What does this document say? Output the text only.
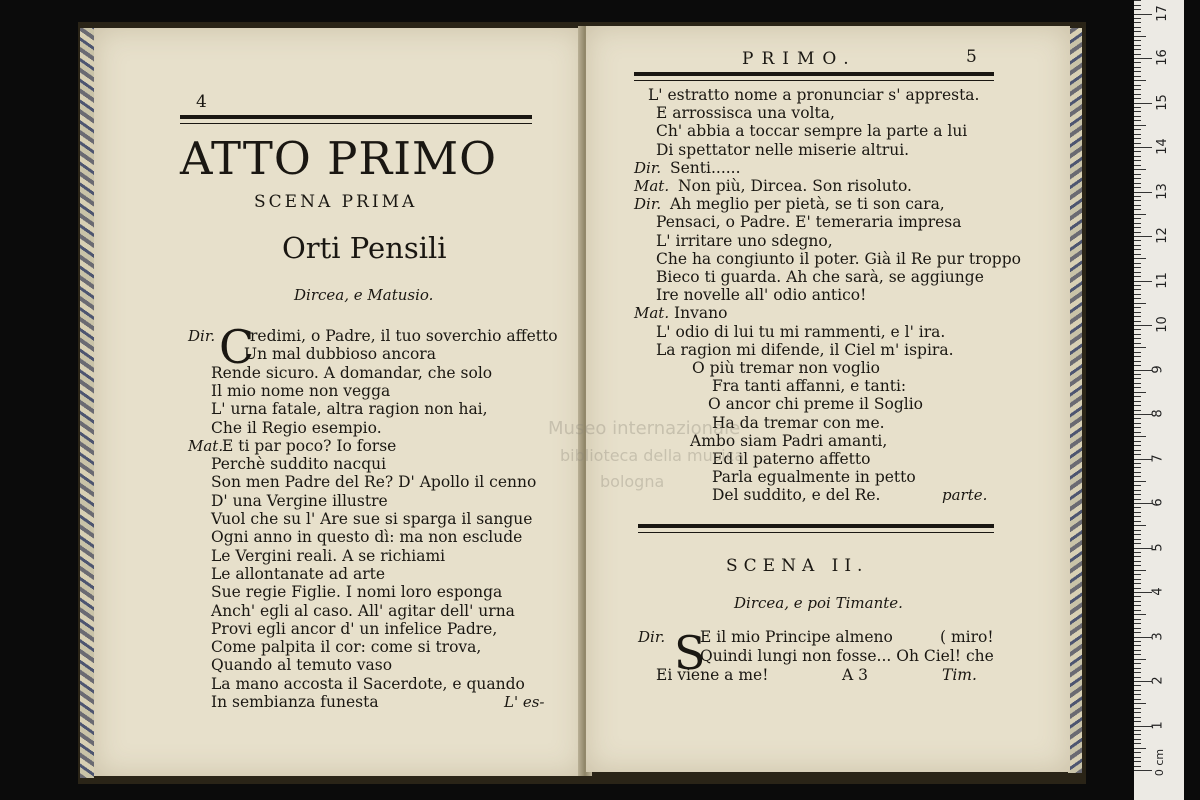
4
ATTO PRIMO
SCENA PRIMA
Orti Pensili
Dircea, e Matusio.
C
Dir. redimi, o Padre, il tuo soverchio affetto
Un mal dubbioso ancora
Rende sicuro. A domandar, che solo
Il mio nome non vegga
L' urna fatale, altra ragion non hai,
Che il Regio esempio.
Mat.
E ti par poco? Io forse
Perchè suddito nacqui
Son men Padre del Re? D' Apollo il cenno
D' una Vergine illustre
Vuol che su l' Are sue si sparga il sangue
Ogni anno in questo dì: ma non esclude
Le Vergini reali. A se richiami
Le allontanate ad arte
Sue regie Figlie. I nomi loro esponga
Anch' egli al caso. All' agitar dell' urna
Provi egli ancor d' un infelice Padre,
Come palpita il cor: come si trova,
Quando al temuto vaso
La mano accosta il Sacerdote, e quando
In sembianza funesta	L' es-
PRIMO.	5
L' estratto nome a pronunciar s' appresta.
E arrossisca una volta,
Ch' abbia a toccar sempre la parte a lui
Di spettator nelle miserie altrui.
Dir. Senti......
Mat. Non più, Dircea. Son risoluto.
Dir. Ah meglio per pietà, se ti son cara,
Pensaci, o Padre. E' temeraria impresa
L' irritare uno sdegno,
Che ha congiunto il poter. Già il Re pur troppo
Bieco ti guarda. Ah che sarà, se aggiunge
Ire novelle all' odio antico!
Mat. Invano
L' odio di lui tu mi rammenti, e l' ira.
La ragion mi difende, il Ciel m' ispira.
O più tremar non voglio
Fra tanti affanni, e tanti:
O ancor chi preme il Soglio
Ha da tremar con me.
Ambo siam Padri amanti,
Ed il paterno affetto
Parla egualmente in petto
Del suddito, e del Re.	parte.
SCENA II.
Dircea, e poi Timante.
S
Dir. E il mio Principe almeno
Quindi lungi non fosse... Oh Ciel! che
Ei viene a me!
( miro!
A 3	Tim.
Museo internazionale
biblioteca della musica
bologna
1
2
3
4
5
6
7
8
9
10
11
12
13
14
15
16
17
0 cm
